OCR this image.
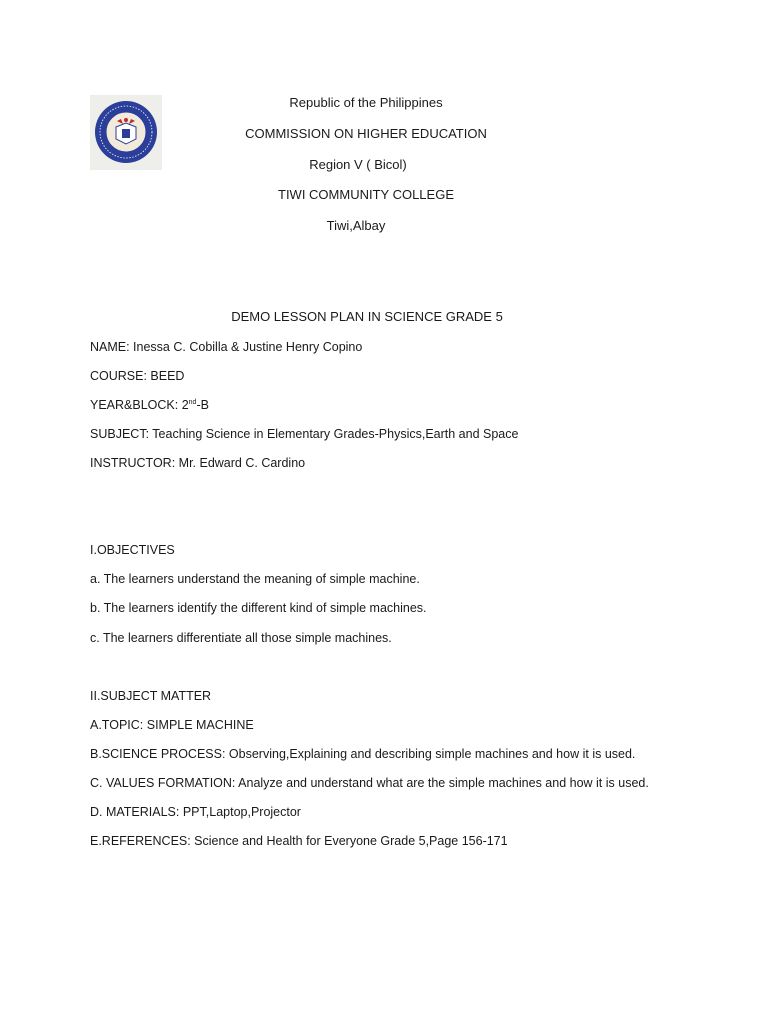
Republic of the Philippines
COMMISSION ON HIGHER EDUCATION
Region V ( Bicol)
TIWI COMMUNITY COLLEGE
Tiwi,Albay
DEMO LESSON PLAN IN SCIENCE GRADE 5
NAME: Inessa C. Cobilla & Justine Henry Copino
COURSE: BEED
YEAR&BLOCK: 2nd-B
SUBJECT: Teaching Science in Elementary Grades-Physics,Earth and Space
INSTRUCTOR: Mr. Edward C. Cardino
I.OBJECTIVES
a. The learners understand the meaning of simple machine.
b. The learners identify the different kind of simple machines.
c. The learners differentiate all those simple machines.
II.SUBJECT MATTER
A.TOPIC: SIMPLE MACHINE
B.SCIENCE PROCESS: Observing,Explaining and describing simple machines and how it is used.
C. VALUES FORMATION: Analyze and understand what are the simple machines and how it is used.
D. MATERIALS: PPT,Laptop,Projector
E.REFERENCES: Science and Health for Everyone Grade 5,Page 156-171
